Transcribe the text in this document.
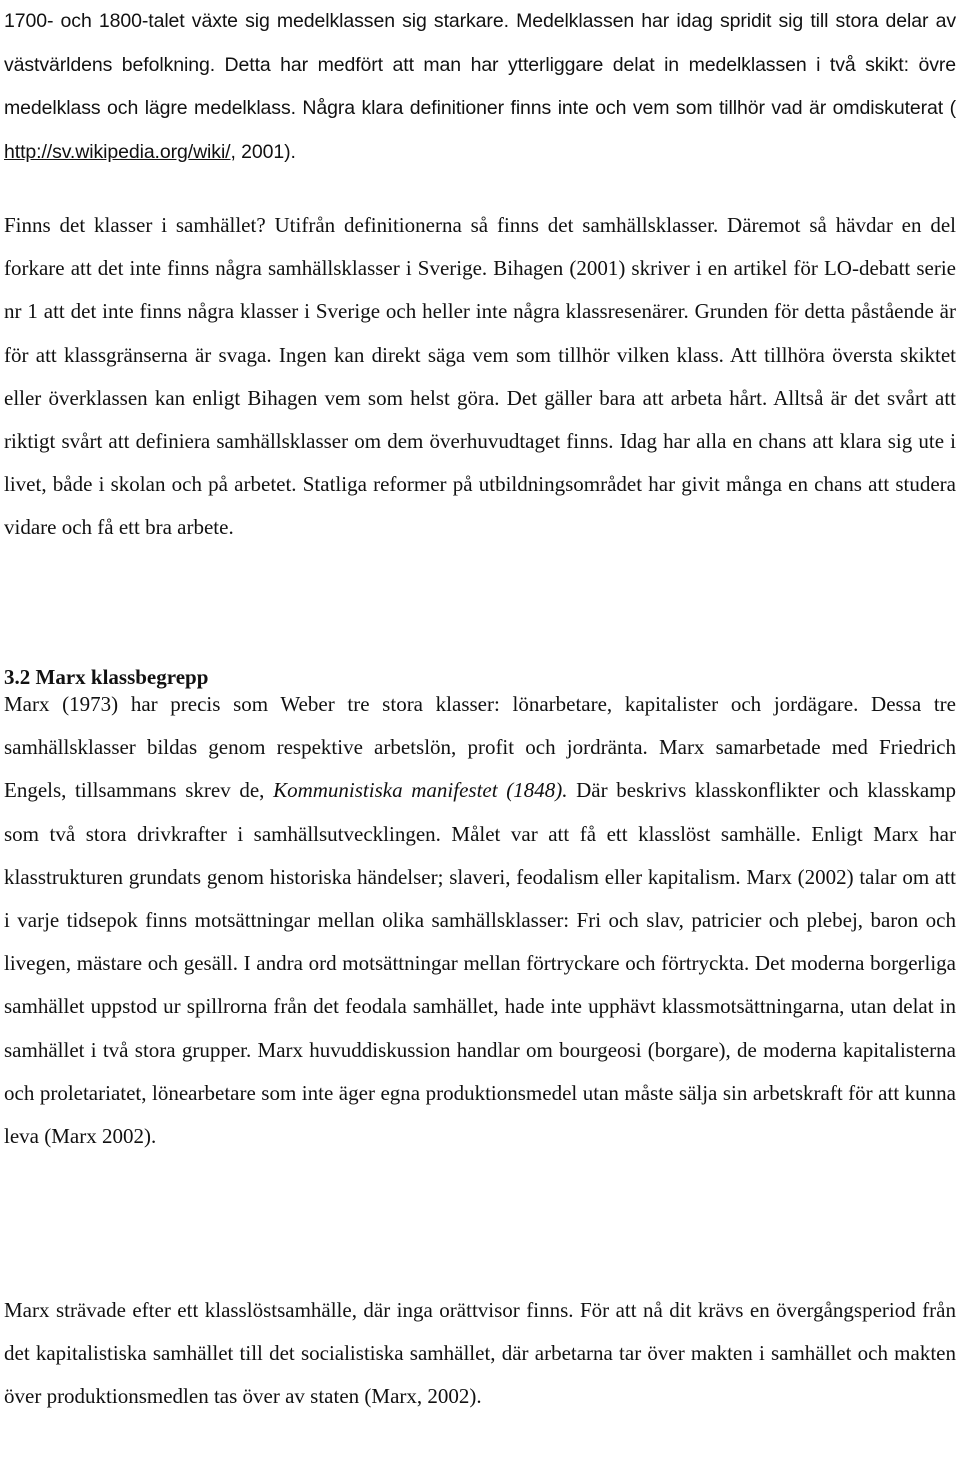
1700- och 1800-talet växte sig medelklassen sig starkare. Medelklassen har idag spridit sig till stora delar av västvärldens befolkning. Detta har medfört att man har ytterliggare delat in medelklassen i två skikt: övre medelklass och lägre medelklass. Några klara definitioner finns inte och vem som tillhör vad är omdiskuterat ( http://sv.wikipedia.org/wiki/, 2001).

Finns det klasser i samhället? Utifrån definitionerna så finns det samhällsklasser. Däremot så hävdar en del forkare att det inte finns några samhällsklasser i Sverige. Bihagen (2001) skriver i en artikel för LO-debatt serie nr 1 att det inte finns några klasser i Sverige och heller inte några klassresenärer. Grunden för detta påstående är för att klassgränserna är svaga. Ingen kan direkt säga vem som tillhör vilken klass. Att tillhöra översta skiktet eller överklassen kan enligt Bihagen vem som helst göra. Det gäller bara att arbeta hårt. Alltså är det svårt att riktigt svårt att definiera samhällsklasser om dem överhuvudtaget finns. Idag har alla en chans att klara sig ute i livet, både i skolan och på arbetet. Statliga reformer på utbildningsområdet har givit många en chans att studera vidare och få ett bra arbete.

3.2 Marx klassbegrepp

Marx (1973) har precis som Weber tre stora klasser: lönarbetare, kapitalister och jordägare. Dessa tre samhällsklasser bildas genom respektive arbetslön, profit och jordränta. Marx samarbetade med Friedrich Engels, tillsammans skrev de, Kommunistiska manifestet (1848). Där beskrivs klasskonflikter och klasskamp som två stora drivkrafter i samhällsutvecklingen. Målet var att få ett klasslöst samhälle. Enligt Marx har klasstrukturen grundats genom historiska händelser; slaveri, feodalism eller kapitalism. Marx (2002) talar om att i varje tidsepok finns motsättningar mellan olika samhällsklasser: Fri och slav, patricier och plebej, baron och livegen, mästare och gesäll. I andra ord motsättningar mellan förtryckare och förtryckta. Det moderna borgerliga samhället uppstod ur spillrorna från det feodala samhället, hade inte upphävt klassmotsättningarna, utan delat in samhället i två stora grupper. Marx huvuddiskussion handlar om bourgeosi (borgare), de moderna kapitalisterna och proletariatet, lönearbetare som inte äger egna produktionsmedel utan måste sälja sin arbetskraft för att kunna leva (Marx 2002).

Marx strävade efter ett klasslöstsamhälle, där inga orättvisor finns. För att nå dit krävs en övergångsperiod från det kapitalistiska samhället till det socialistiska samhället, där arbetarna tar över makten i samhället och makten över produktionsmedlen tas över av staten (Marx, 2002).
